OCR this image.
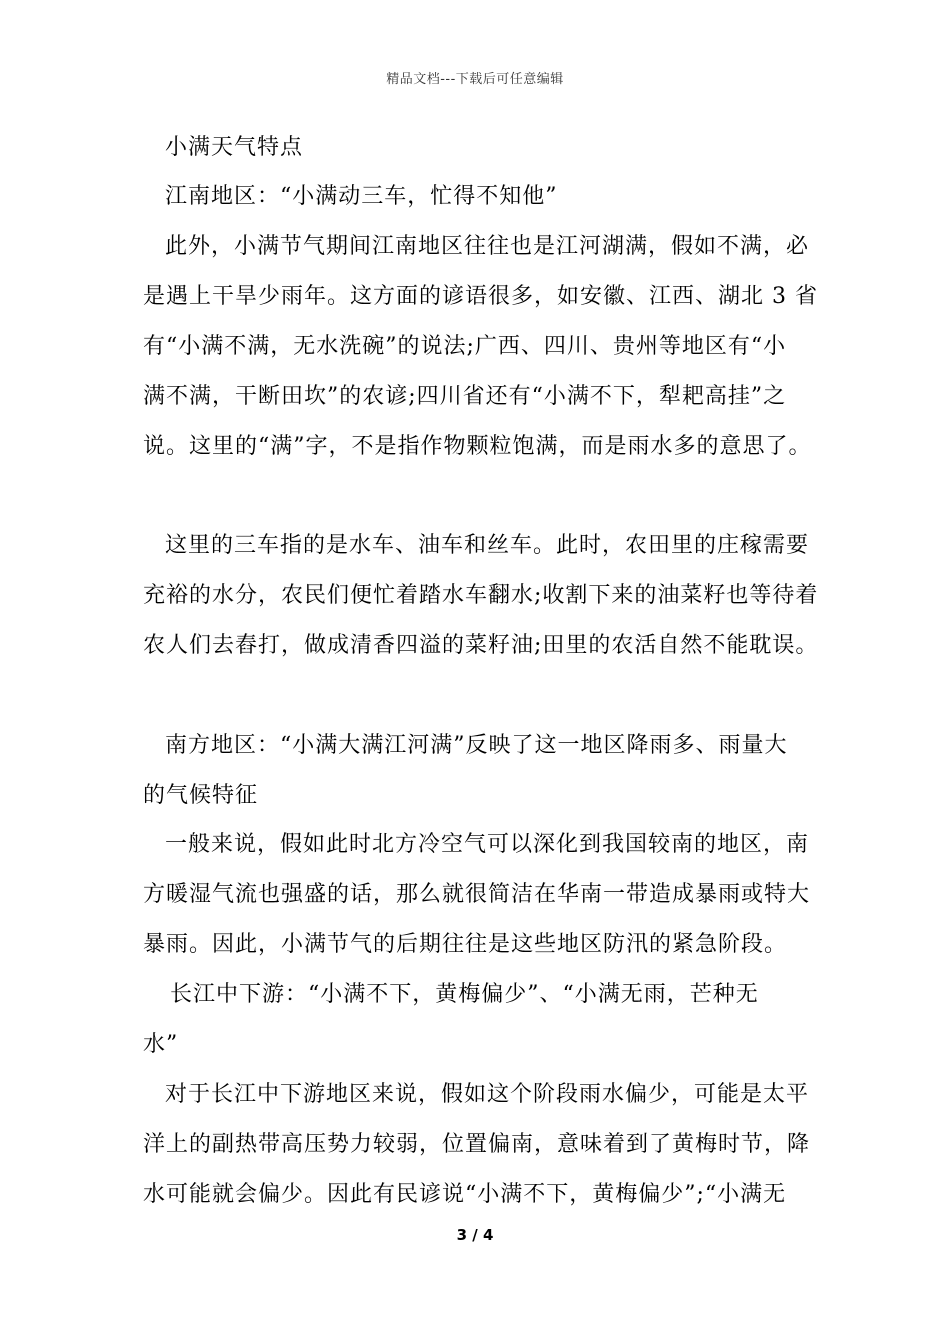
精品文档---下载后可任意编辑
小满天气特点
江南地区：“小满动三车，忙得不知他”
此外，小满节气期间江南地区往往也是江河湖满，假如不满，必
是遇上干旱少雨年。这方面的谚语很多，如安徽、江西、湖北 3 省
有“小满不满，无水洗碗”的说法;广西、四川、贵州等地区有“小
满不满，干断田坎”的农谚;四川省还有“小满不下，犁耙高挂”之
说。这里的“满”字，不是指作物颗粒饱满，而是雨水多的意思了。
这里的三车指的是水车、油车和丝车。此时，农田里的庄稼需要
充裕的水分，农民们便忙着踏水车翻水;收割下来的油菜籽也等待着
农人们去舂打，做成清香四溢的菜籽油;田里的农活自然不能耽误。
南方地区：“小满大满江河满”反映了这一地区降雨多、雨量大
的气候特征
一般来说，假如此时北方冷空气可以深化到我国较南的地区，南
方暖湿气流也强盛的话，那么就很简洁在华南一带造成暴雨或特大
暴雨。因此，小满节气的后期往往是这些地区防汛的紧急阶段。
长江中下游：“小满不下，黄梅偏少”、“小满无雨，芒种无
水”
对于长江中下游地区来说，假如这个阶段雨水偏少，可能是太平
洋上的副热带高压势力较弱，位置偏南，意味着到了黄梅时节，降
水可能就会偏少。因此有民谚说“小满不下，黄梅偏少”;“小满无
3 / 4
